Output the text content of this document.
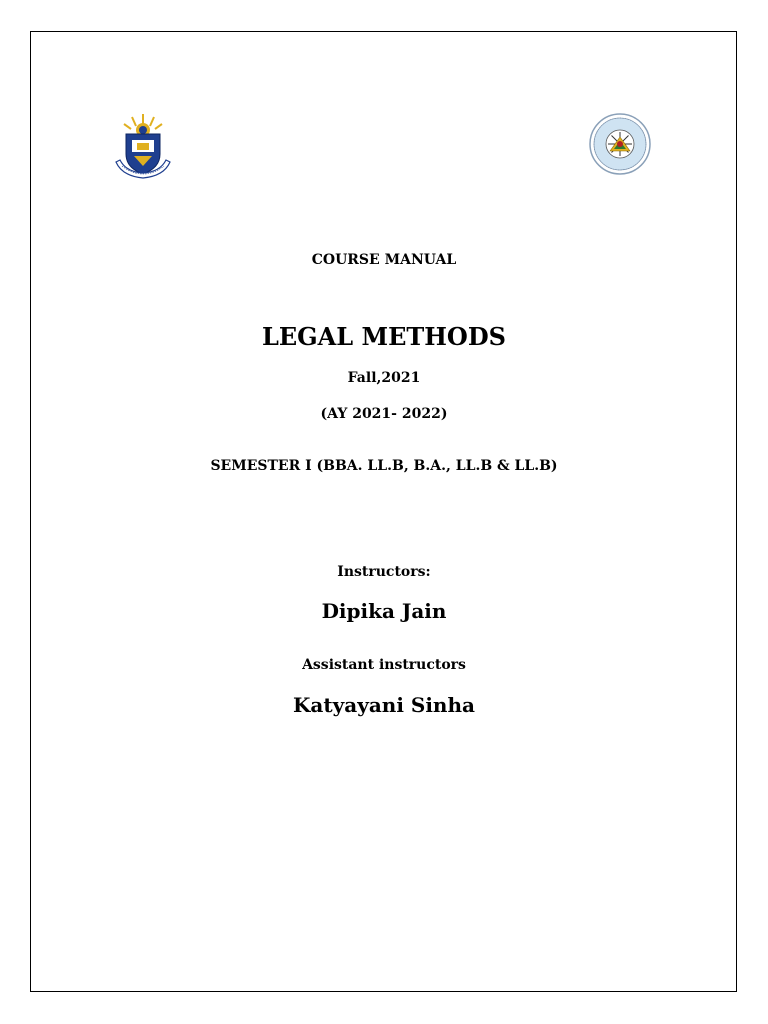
COURSE MANUAL
LEGAL METHODS
Fall,2021
(AY 2021- 2022)
SEMESTER I (BBA. LL.B, B.A., LL.B & LL.B)
Instructors:
Dipika Jain
Assistant instructors
Katyayani Sinha
